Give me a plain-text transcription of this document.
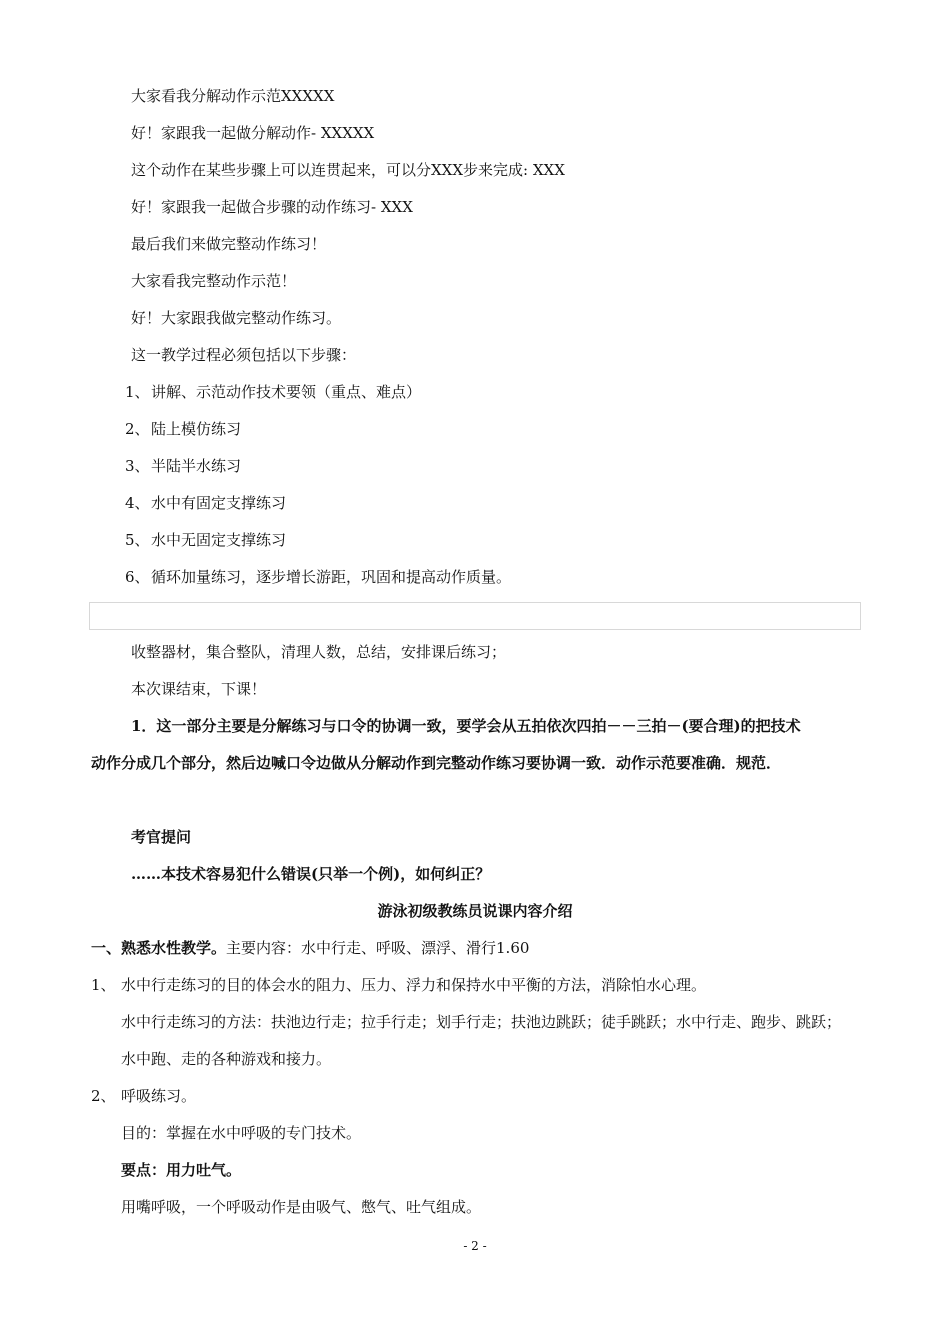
大家看我分解动作示范XXXXX
好！家跟我一起做分解动作- XXXXX
这个动作在某些步骤上可以连贯起来，可以分XXX步来完成: XXX
好！家跟我一起做合步骤的动作练习- XXX
最后我们来做完整动作练习！
大家看我完整动作示范！
好！大家跟我做完整动作练习。
这一教学过程必须包括以下步骤：
1、讲解、示范动作技术要领（重点、难点）
2、陆上模仿练习
3、半陆半水练习
4、水中有固定支撑练习
5、水中无固定支撑练习
6、循环加量练习，逐步增长游距，巩固和提高动作质量。
收整器材，集合整队，清理人数，总结，安排课后练习；
本次课结束，下课！
1．这一部分主要是分解练习与口令的协调一致，要学会从五拍依次四拍－－三拍－(要合理)的把技术
动作分成几个部分，然后边喊口令边做从分解动作到完整动作练习要协调一致．动作示范要准确．规范．
考官提问
……本技术容易犯什么错误(只举一个例)，如何纠正？
游泳初级教练员说课内容介绍
一、熟悉水性教学。主要内容：水中行走、呼吸、漂浮、滑行1.60
1、 水中行走练习的目的体会水的阻力、压力、浮力和保持水中平衡的方法，消除怕水心理。
水中行走练习的方法：扶池边行走；拉手行走；划手行走；扶池边跳跃；徒手跳跃；水中行走、跑步、跳跃；
水中跑、走的各种游戏和接力。
2、 呼吸练习。
目的：掌握在水中呼吸的专门技术。
要点：用力吐气。
用嘴呼吸，一个呼吸动作是由吸气、憋气、吐气组成。
- 2 -
